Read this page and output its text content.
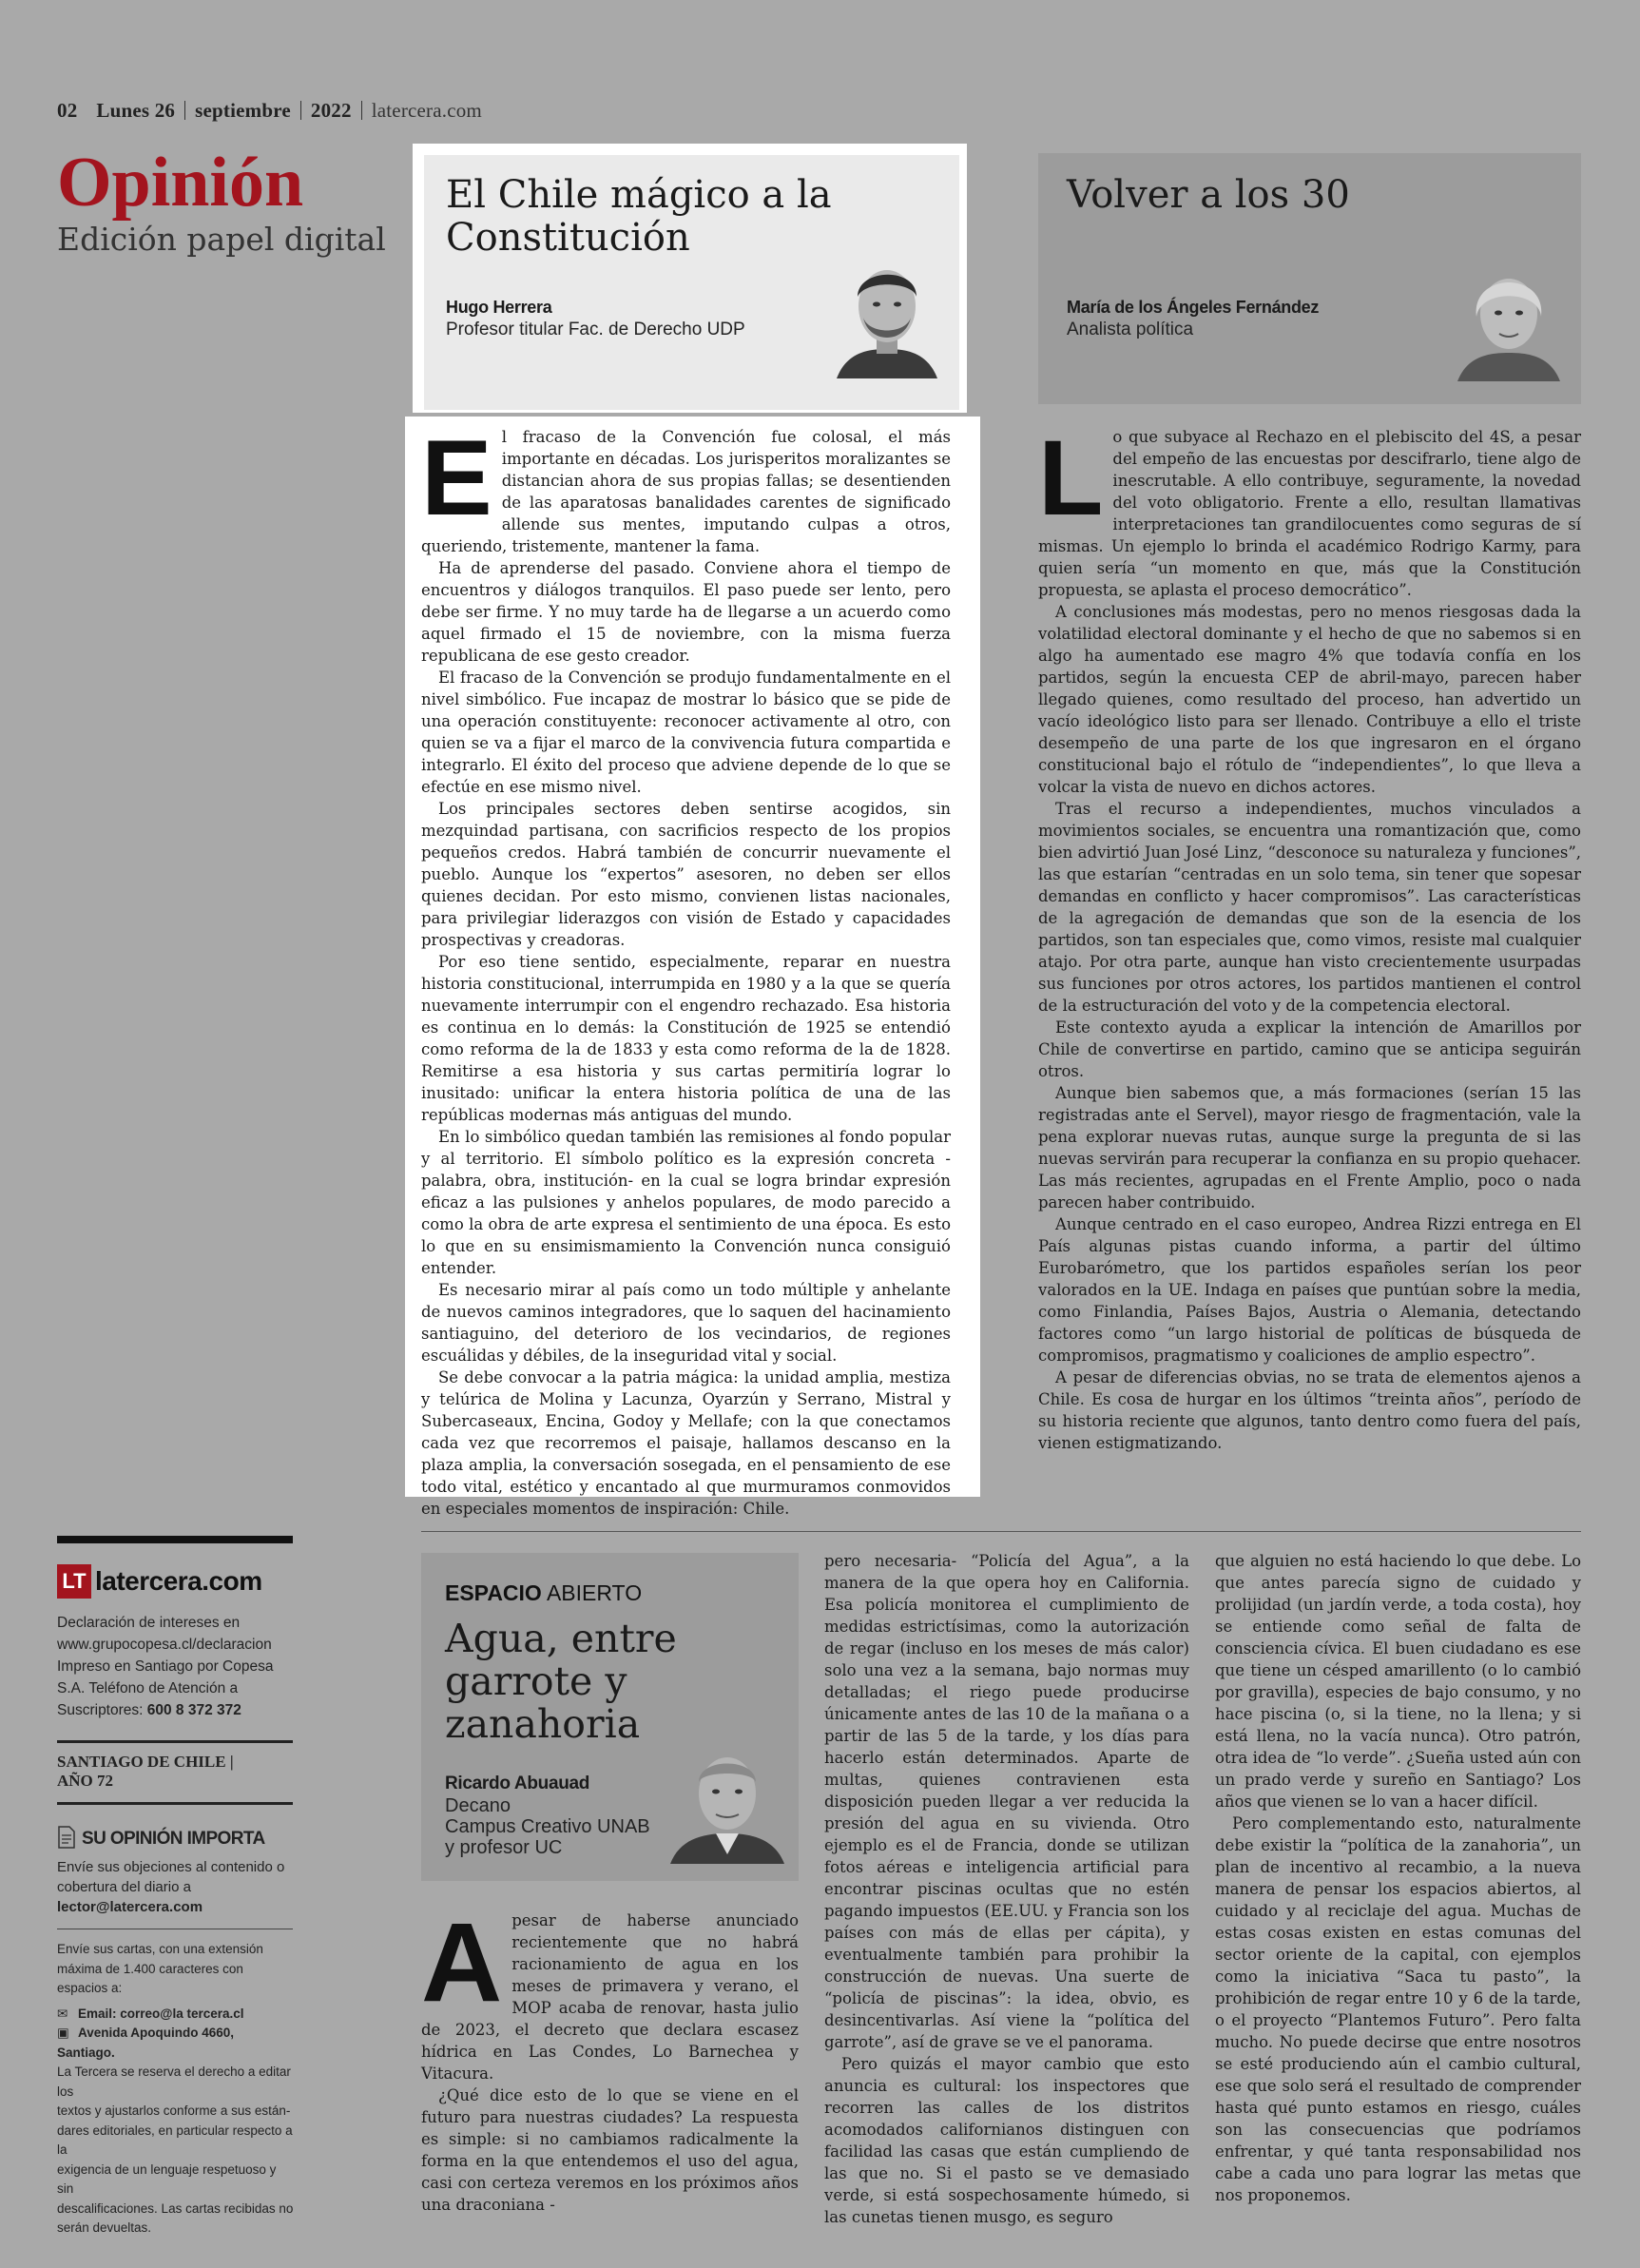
02 Lunes 26 septiembre 2022 latercera.com
Opinión
Edición papel digital
El Chile mágico a la
Constitución
Hugo Herrera
Profesor titular Fac. de Derecho UDP
E l fracaso de la Convención fue colosal, el más importante en décadas. Los jurisperitos moralizantes se distancian ahora de sus propias fallas; se desentienden de las aparatosas banalidades carentes de significado allende sus mentes, imputando culpas a otros, queriendo, tristemente, mantener la fama.

Ha de aprenderse del pasado. Conviene ahora el tiempo de encuentros y diálogos tranquilos. El paso puede ser lento, pero debe ser firme. Y no muy tarde ha de llegarse a un acuerdo como aquel firmado el 15 de noviembre, con la misma fuerza republicana de ese gesto creador.

El fracaso de la Convención se produjo fundamentalmente en el nivel simbólico. Fue incapaz de mostrar lo básico que se pide de una operación constituyente: reconocer activamente al otro, con quien se va a fijar el marco de la convivencia futura compartida e integrarlo. El éxito del proceso que adviene depende de lo que se efectúe en ese mismo nivel.

Los principales sectores deben sentirse acogidos, sin mezquindad partisana, con sacrificios respecto de los propios pequeños credos. Habrá también de concurrir nuevamente el pueblo. Aunque los “expertos” asesoren, no deben ser ellos quienes decidan. Por esto mismo, convienen listas nacionales, para privilegiar liderazgos con visión de Estado y capacidades prospectivas y creadoras.

Por eso tiene sentido, especialmente, reparar en nuestra historia constitucional, interrumpida en 1980 y a la que se quería nuevamente interrumpir con el engendro rechazado. Esa historia es continua en lo demás: la Constitución de 1925 se entendió como reforma de la de 1833 y esta como reforma de la de 1828. Remitirse a esa historia y sus cartas permitiría lograr lo inusitado: unificar la entera historia política de una de las repúblicas modernas más antiguas del mundo.

En lo simbólico quedan también las remisiones al fondo popular y al territorio. El símbolo político es la expresión concreta -palabra, obra, institución- en la cual se logra brindar expresión eficaz a las pulsiones y anhelos populares, de modo parecido a como la obra de arte expresa el sentimiento de una época. Es esto lo que en su ensimismamiento la Convención nunca consiguió entender.

Es necesario mirar al país como un todo múltiple y anhelante de nuevos caminos integradores, que lo saquen del hacinamiento santiaguino, del deterioro de los vecindarios, de regiones escuálidas y débiles, de la inseguridad vital y social.

Se debe convocar a la patria mágica: la unidad amplia, mestiza y telúrica de Molina y Lacunza, Oyarzún y Serrano, Mistral y Subercaseaux, Encina, Godoy y Mellafe; con la que conectamos cada vez que recorremos el paisaje, hallamos descanso en la plaza amplia, la conversación sosegada, en el pensamiento de ese todo vital, estético y encantado al que murmuramos conmovidos en especiales momentos de inspiración: Chile.

Volver a los 30
María de los Ángeles Fernández
Analista política
L o que subyace al Rechazo en el plebiscito del 4S, a pesar del empeño de las encuestas por descifrarlo, tiene algo de inescrutable. A ello contribuye, seguramente, la novedad del voto obligatorio. Frente a ello, resultan llamativas interpretaciones tan grandilocuentes como seguras de sí mismas. Un ejemplo lo brinda el académico Rodrigo Karmy, para quien sería “un momento en que, más que la Constitución propuesta, se aplasta el proceso democrático”.

A conclusiones más modestas, pero no menos riesgosas dada la volatilidad electoral dominante y el hecho de que no sabemos si en algo ha aumentado ese magro 4% que todavía confía en los partidos, según la encuesta CEP de abril-mayo, parecen haber llegado quienes, como resultado del proceso, han advertido un vacío ideológico listo para ser llenado. Contribuye a ello el triste desempeño de una parte de los que ingresaron en el órgano constitucional bajo el rótulo de “independientes”, lo que lleva a volcar la vista de nuevo en dichos actores.

Tras el recurso a independientes, muchos vinculados a movimientos sociales, se encuentra una romantización que, como bien advirtió Juan José Linz, “desconoce su naturaleza y funciones”, las que estarían “centradas en un solo tema, sin tener que sopesar demandas en conflicto y hacer compromisos”. Las características de la agregación de demandas que son de la esencia de los partidos, son tan especiales que, como vimos, resiste mal cualquier atajo. Por otra parte, aunque han visto crecientemente usurpadas sus funciones por otros actores, los partidos mantienen el control de la estructuración del voto y de la competencia electoral.

Este contexto ayuda a explicar la intención de Amarillos por Chile de convertirse en partido, camino que se anticipa seguirán otros.

Aunque bien sabemos que, a más formaciones (serían 15 las registradas ante el Servel), mayor riesgo de fragmentación, vale la pena explorar nuevas rutas, aunque surge la pregunta de si las nuevas servirán para recuperar la confianza en su propio quehacer. Las más recientes, agrupadas en el Frente Amplio, poco o nada parecen haber contribuido.

Aunque centrado en el caso europeo, Andrea Rizzi entrega en El País algunas pistas cuando informa, a partir del último Eurobarómetro, que los partidos españoles serían los peor valorados en la UE. Indaga en países que puntúan sobre la media, como Finlandia, Países Bajos, Austria o Alemania, detectando factores como “un largo historial de políticas de búsqueda de compromisos, pragmatismo y coaliciones de amplio espectro”.

A pesar de diferencias obvias, no se trata de elementos ajenos a Chile. Es cosa de hurgar en los últimos “treinta años”, período de su historia reciente que algunos, tanto dentro como fuera del país, vienen estigmatizando.

LT latercera.com
Declaración de intereses en
www.grupocopesa.cl/declaracion
Impreso en Santiago por Copesa
S.A. Teléfono de Atención a
Suscriptores: 600 8 372 372
SANTIAGO DE CHILE |
AÑO 72
SU OPINIÓN IMPORTA
Envíe sus objeciones al contenido o
cobertura del diario a
lector@latercera.com
Envíe sus cartas, con una extensión
máxima de 1.400 caracteres con
espacios a:
✉ Email: correo@la tercera.cl
▣ Avenida Apoquindo 4660, Santiago.
La Tercera se reserva el derecho a editar los
textos y ajustarlos conforme a sus están-
dares editoriales, en particular respecto a la
exigencia de un lenguaje respetuoso y sin
descalificaciones. Las cartas recibidas no
serán devueltas.
ESPACIO ABIERTO
Agua, entre
garrote y
zanahoria
Ricardo Abuauad
Decano
Campus Creativo UNAB
y profesor UC
A pesar de haberse anunciado recientemente que no habrá racionamiento de agua en los meses de primavera y verano, el MOP acaba de renovar, hasta julio de 2023, el decreto que declara escasez hídrica en Las Condes, Lo Barnechea y Vitacura.

¿Qué dice esto de lo que se viene en el futuro para nuestras ciudades? La respuesta es simple: si no cambiamos radicalmente la forma en la que entendemos el uso del agua, casi con certeza veremos en los próximos años una draconiana -

pero necesaria- “Policía del Agua”, a la manera de la que opera hoy en California. Esa policía monitorea el cumplimiento de medidas estrictísimas, como la autorización de regar (incluso en los meses de más calor) solo una vez a la semana, bajo normas muy detalladas; el riego puede producirse únicamente antes de las 10 de la mañana o a partir de las 5 de la tarde, y los días para hacerlo están determinados. Aparte de multas, quienes contravienen esta disposición pueden llegar a ver reducida la presión del agua en su vivienda. Otro ejemplo es el de Francia, donde se utilizan fotos aéreas e inteligencia artificial para encontrar piscinas ocultas que no estén pagando impuestos (EE.UU. y Francia son los países con más de ellas per cápita), y eventualmente también para prohibir la construcción de nuevas. Una suerte de “policía de piscinas”: la idea, obvio, es desincentivarlas. Así viene la “política del garrote”, así de grave se ve el panorama.

Pero quizás el mayor cambio que esto anuncia es cultural: los inspectores que recorren las calles de los distritos acomodados californianos distinguen con facilidad las casas que están cumpliendo de las que no. Si el pasto se ve demasiado verde, si está sospechosamente húmedo, si las cunetas tienen musgo, es seguro

que alguien no está haciendo lo que debe. Lo que antes parecía signo de cuidado y prolijidad (un jardín verde, a toda costa), hoy se entiende como señal de falta de consciencia cívica. El buen ciudadano es ese que tiene un césped amarillento (o lo cambió por gravilla), especies de bajo consumo, y no hace piscina (o, si la tiene, no la llena; y si está llena, no la vacía nunca). Otro patrón, otra idea de “lo verde”. ¿Sueña usted aún con un prado verde y sureño en Santiago? Los años que vienen se lo van a hacer difícil.

Pero complementando esto, naturalmente debe existir la “política de la zanahoria”, un plan de incentivo al recambio, a la nueva manera de pensar los espacios abiertos, al cuidado y al reciclaje del agua. Muchas de estas cosas existen en estas comunas del sector oriente de la capital, con ejemplos como la iniciativa “Saca tu pasto”, la prohibición de regar entre 10 y 6 de la tarde, o el proyecto “Plantemos Futuro”. Pero falta mucho. No puede decirse que entre nosotros se esté produciendo aún el cambio cultural, ese que solo será el resultado de comprender hasta qué punto estamos en riesgo, cuáles son las consecuencias que podríamos enfrentar, y qué tanta responsabilidad nos cabe a cada uno para lograr las metas que nos proponemos.
